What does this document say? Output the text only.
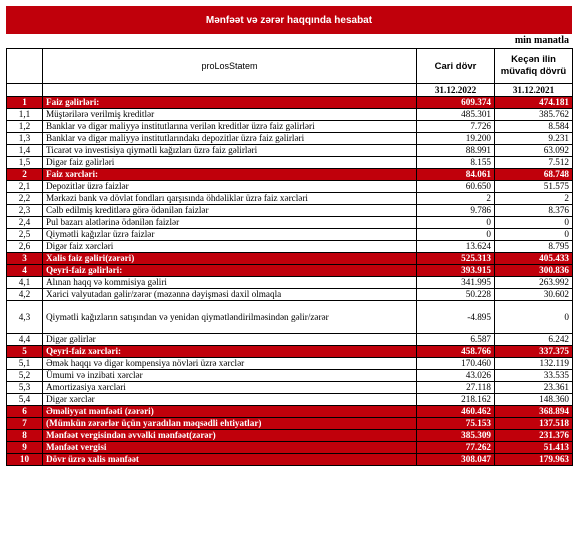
Mənfəət və zərər haqqında hesabat
min manatla
	proLosStatem	Cari dövr	Keçən ilin müvafiq dövrü
		31.12.2022	31.12.2021
1	Faiz gəlirləri:	609.374	474.181
1,1	Müştərilərə verilmiş kreditlər	485.301	385.762
1,2	Banklar və digər maliyyə institutlarına verilən kreditlər üzrə faiz gəlirləri	7.726	8.584
1,3	Banklar və digər maliyyə institutlarındakı depozitlər üzrə faiz gəlirləri	19.200	9.231
1,4	Ticarət və investisiya qiymətli kağızları üzrə faiz gəlirləri	88.991	63.092
1,5	Digər faiz gəlirləri	8.155	7.512
2	Faiz xərcləri:	84.061	68.748
2,1	Depozitlər üzrə faizlər	60.650	51.575
2,2	Mərkəzi bank və dövlət fondları qarşısında öhdəliklər üzrə faiz xərcləri	2	2
2,3	Cəlb edilmiş kreditlərə görə ödənilən faizlər	9.786	8.376
2,4	Pul bazarı alətlərinə ödənilən faizlər	0	0
2,5	Qiymətli kağızlar üzrə faizlər	0	0
2,6	Digər faiz xərcləri	13.624	8.795
3	Xalis faiz gəliri(zərəri)	525.313	405.433
4	Qeyri-faiz gəlirləri:	393.915	300.836
4,1	Alınan haqq və kommisiya gəliri	341.995	263.992
4,2	Xarici valyutadan gəlir/zərər (məzənnə dəyişməsi daxil olmaqla	50.228	30.602
4,3	Qiymətli kağızların satışından və yenidən qiymətləndirilməsindən gəlir/zərər	-4.895	0
4,4	Digər gəlirlər	6.587	6.242
5	Qeyri-faiz xərcləri:	458.766	337.375
5,1	Əmək haqqı və digər kompensiya növləri üzrə xərclər	170.460	132.119
5,2	Ümumi və inzibati xərclər	43.026	33.535
5,3	Amortizasiya xərcləri	27.118	23.361
5,4	Digər xərclər	218.162	148.360
6	Əməliyyat mənfəəti (zərəri)	460.462	368.894
7	(Mümkün zərərlər üçün yaradılan məqsədli ehtiyatlar)	75.153	137.518
8	Mənfəət vergisindən əvvəlki mənfəət(zərər)	385.309	231.376
9	Mənfəət vergisi	77.262	51.413
10	Dövr üzrə xalis mənfəət	308.047	179.963
